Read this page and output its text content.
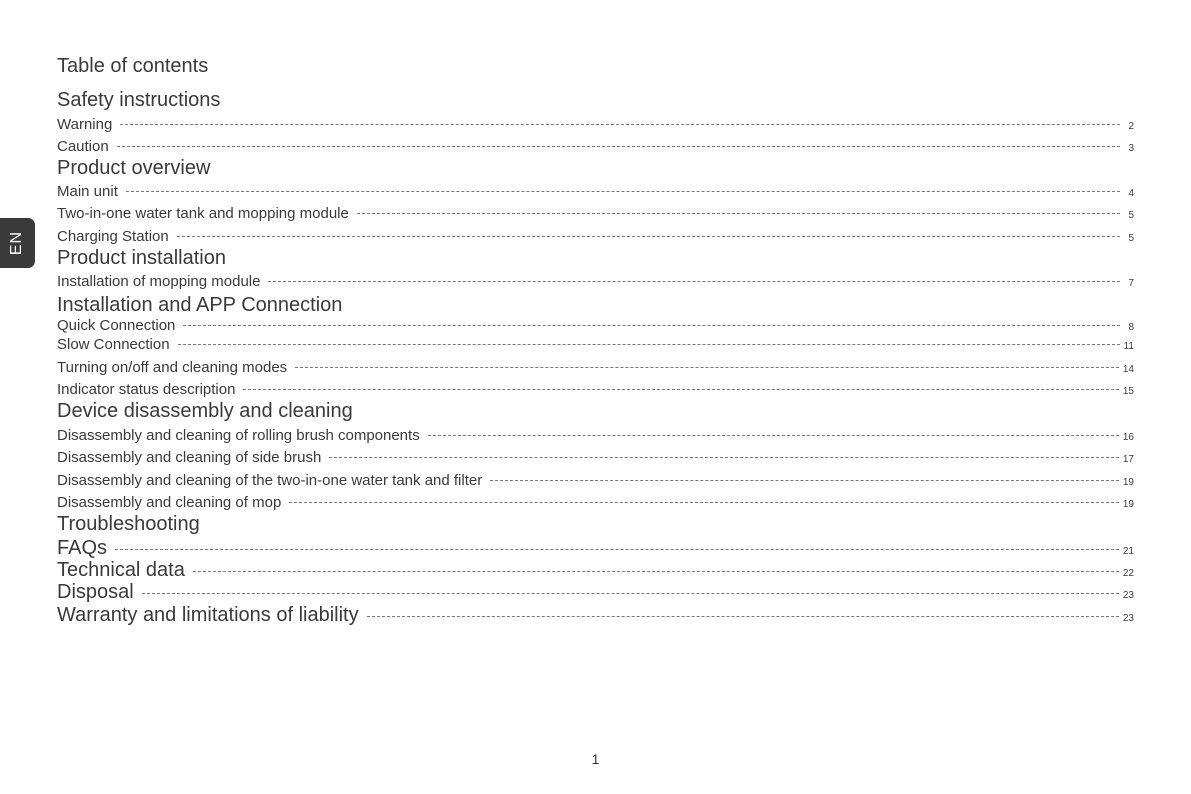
EN
Table of contents
Safety instructions
Warning	2
Caution	3
Product overview
Main unit	4
Two-in-one water tank and mopping module	5
Charging Station	5
Product installation
Installation of mopping module	7
Installation and APP Connection
Quick Connection	8
Slow Connection	11
Turning on/off and cleaning modes	14
Indicator status description	15
Device disassembly and cleaning
Disassembly and cleaning of rolling brush components	16
Disassembly and cleaning of side brush	17
Disassembly and cleaning of the two-in-one water tank and filter	19
Disassembly and cleaning of mop	19
Troubleshooting
FAQs	21
Technical data	22
Disposal	23
Warranty and limitations of liability	23
1
